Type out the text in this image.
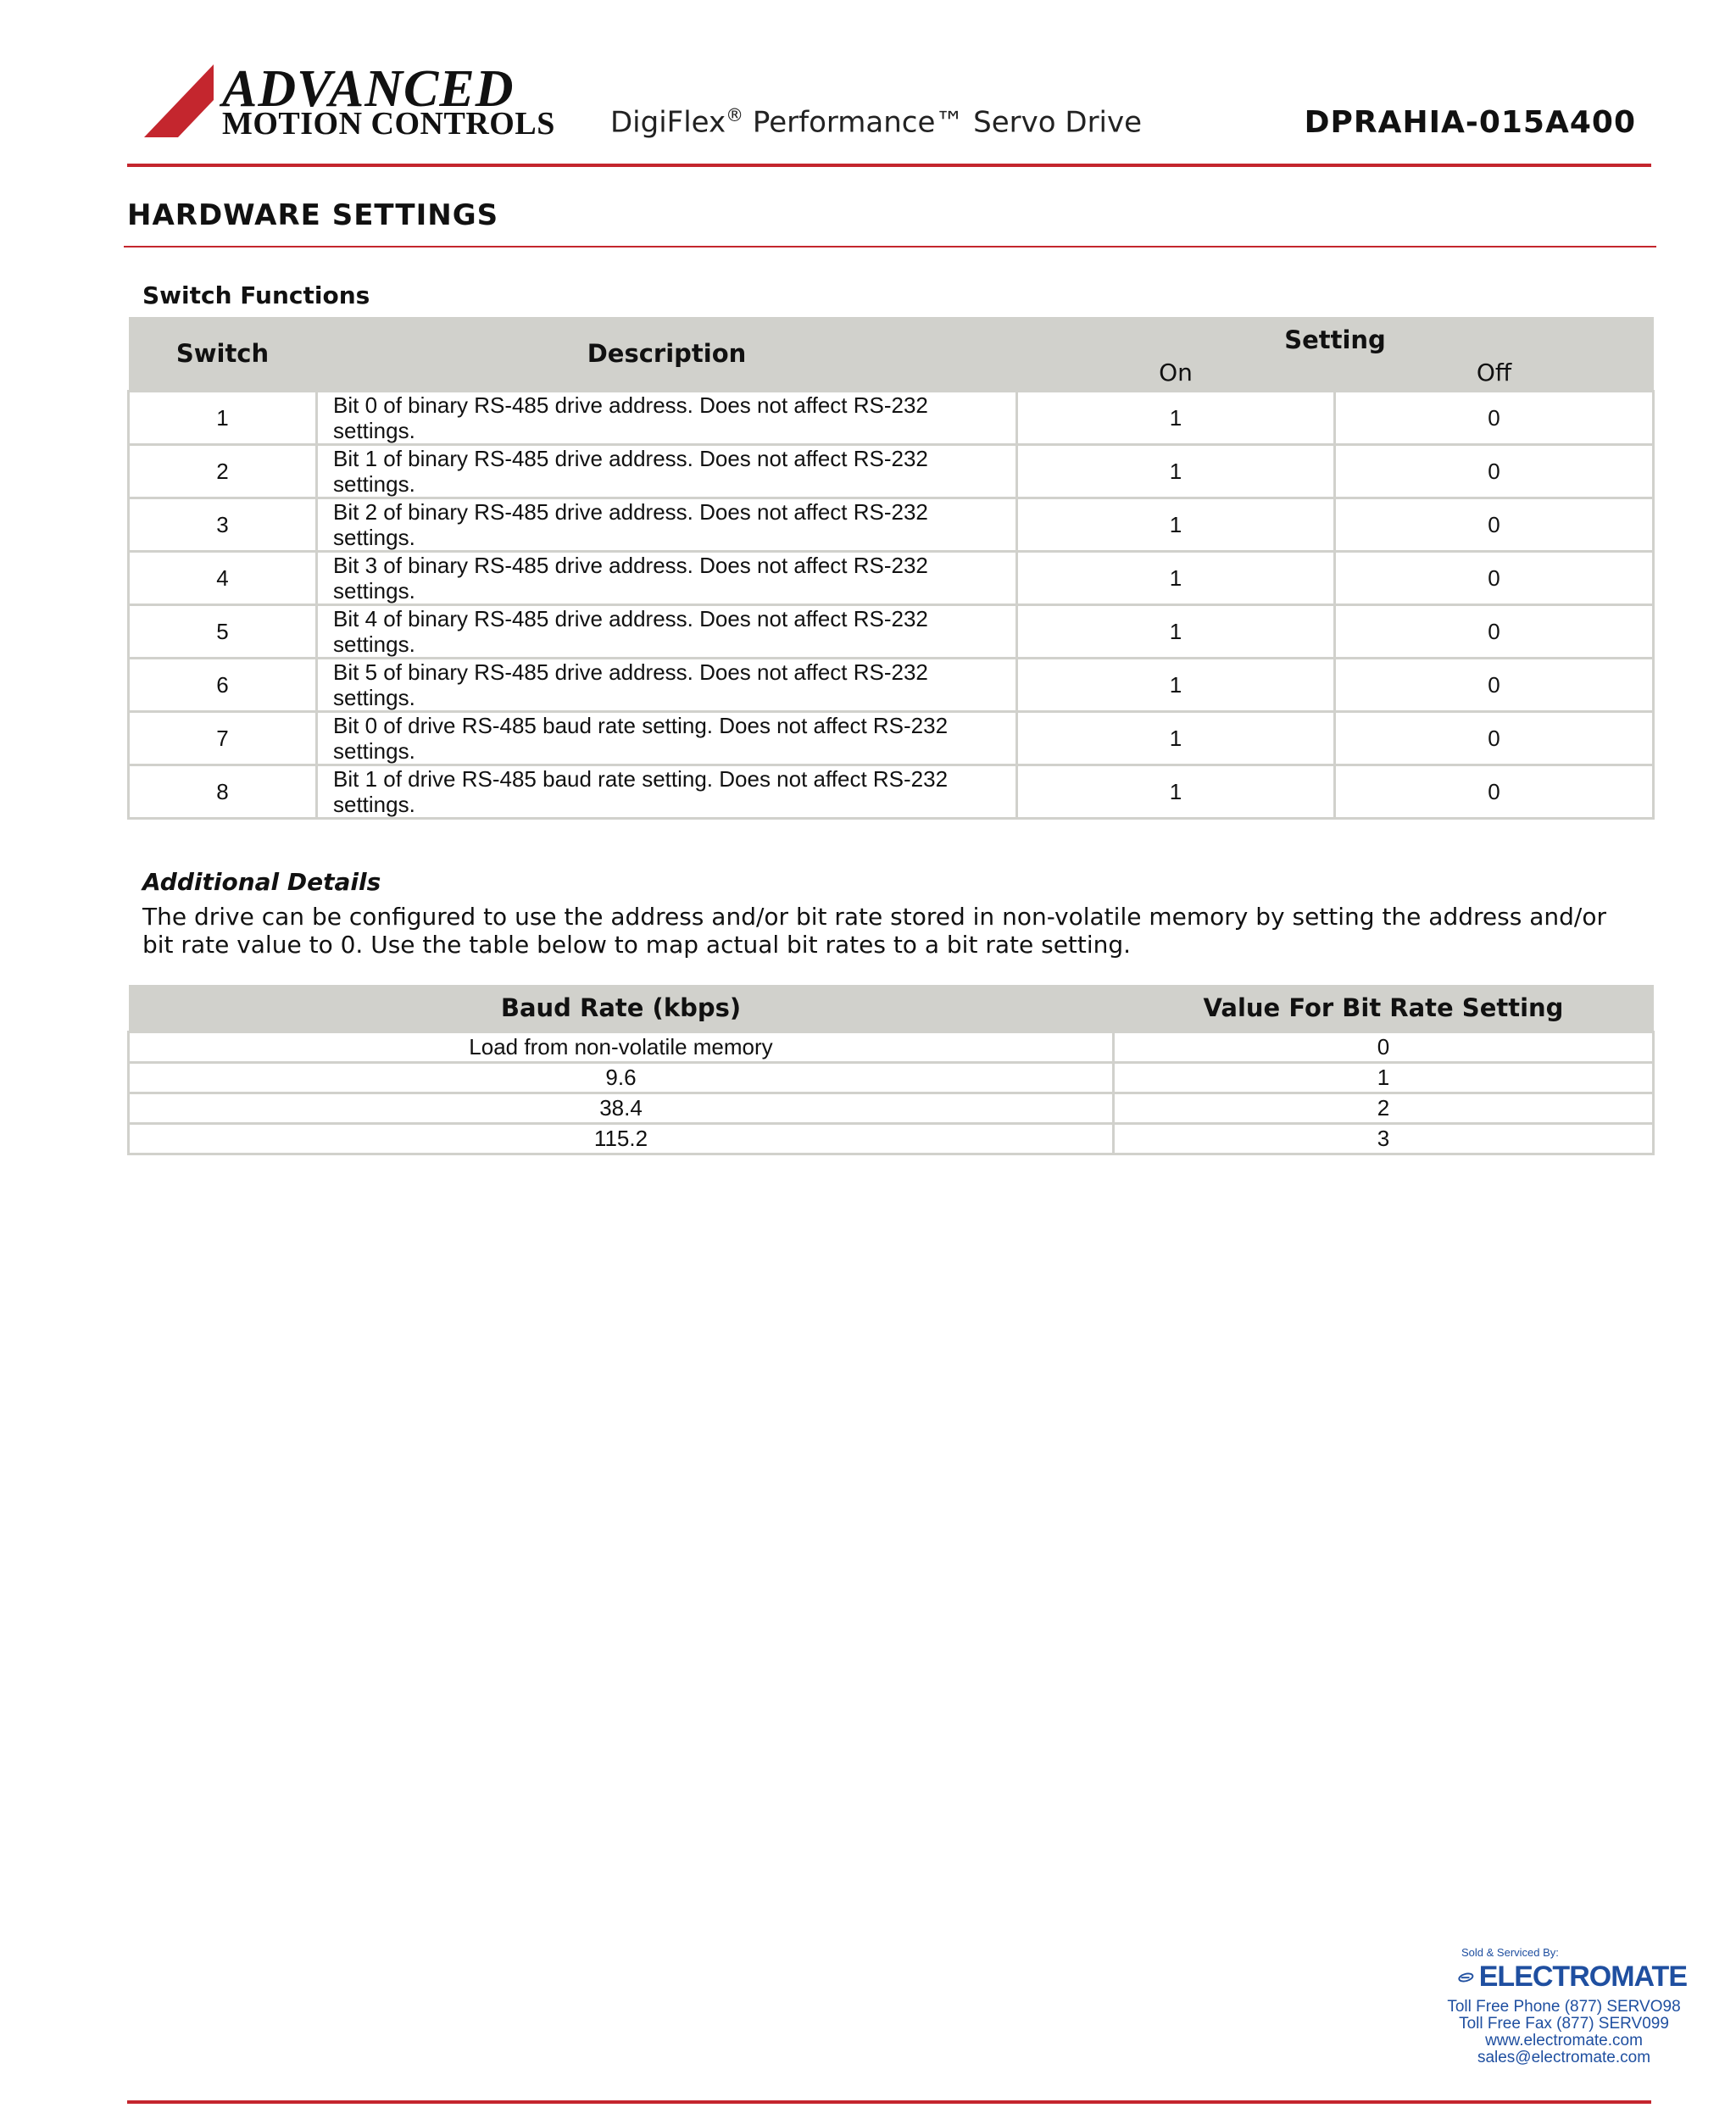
ADVANCED
MOTION CONTROLS DigiFlex® Performance™ Servo Drive	DPRAHIA-015A400
HARDWARE SETTINGS
Switch Functions
Switch	Description	Setting	
		On	Off
1	Bit 0 of binary RS-485 drive address. Does not affect RS-232 settings.	1	0
2	Bit 1 of binary RS-485 drive address. Does not affect RS-232 settings.	1	0
3	Bit 2 of binary RS-485 drive address. Does not affect RS-232 settings.	1	0
4	Bit 3 of binary RS-485 drive address. Does not affect RS-232 settings.	1	0
5	Bit 4 of binary RS-485 drive address. Does not affect RS-232 settings.	1	0
6	Bit 5 of binary RS-485 drive address. Does not affect RS-232 settings.	1	0
7	Bit 0 of drive RS-485 baud rate setting. Does not affect RS-232 settings.	1	0
8	Bit 1 of drive RS-485 baud rate setting. Does not affect RS-232 settings.	1	0
Additional Details
The drive can be configured to use the address and/or bit rate stored in non-volatile memory by setting the address and/or bit rate value to 0. Use the table below to map actual bit rates to a bit rate setting.
Baud Rate (kbps)	Value For Bit Rate Setting
Load from non-volatile memory	0
9.6	1
38.4	2
115.2	3
Sold & Serviced By:
ELECTROMATE
Toll Free Phone (877) SERVO98
Toll Free Fax (877) SERV099
www.electromate.com
sales@electromate.com
